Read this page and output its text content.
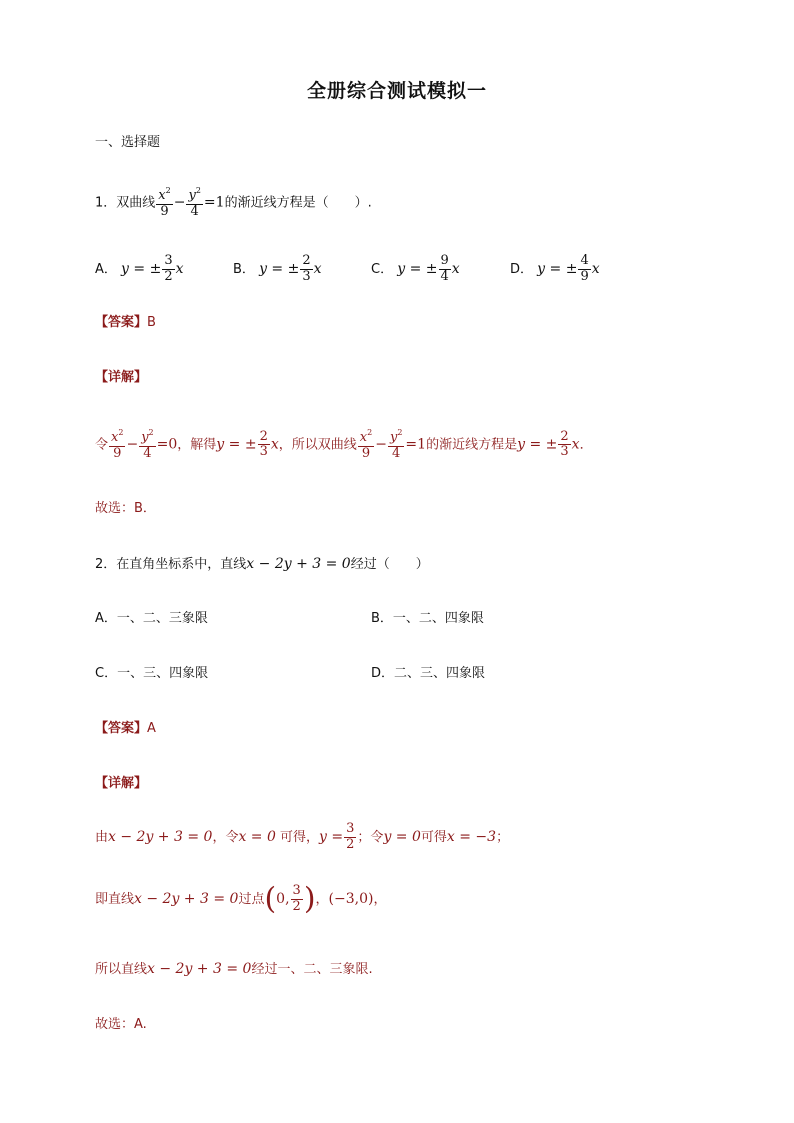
全册综合测试模拟一
一、选择题
1．双曲线 $\frac{x^2}{9} - \frac{y^2}{4} =1$的渐近线方程是（　　）.
A． y = ± $\frac{3}{2}$ x	B． y = ± $\frac{2}{3}$ x	C． y = ± $\frac{9}{4}$ x	D． y = ± $\frac{4}{9}$ x
【答案】B
【详解】
令 $\frac{x^2}{9} - \frac{y^2}{4} =0$，解得y = ± $\frac{2}{3}$ x，所以双曲线 $\frac{x^2}{9} - \frac{y^2}{4} =1$的渐近线方程是y = ± $\frac{2}{3}$ x．
故选：B．
2．在直角坐标系中，直线x − 2y + 3 = 0经过（　　）
A．一、二、三象限	B．一、二、四象限
C．一、三、四象限	D．二、三、四象限
【答案】A
【详解】
由x − 2y + 3 = 0，令x = 0 可得，$y = \frac{3}{2}$ ；令y = 0可得x = −3；
即直线x − 2y + 3 = 0过点(0, $\frac{3}{2}$ )，(−3,0)，
所以直线x − 2y + 3 = 0经过一、二、三象限.
故选：A.
